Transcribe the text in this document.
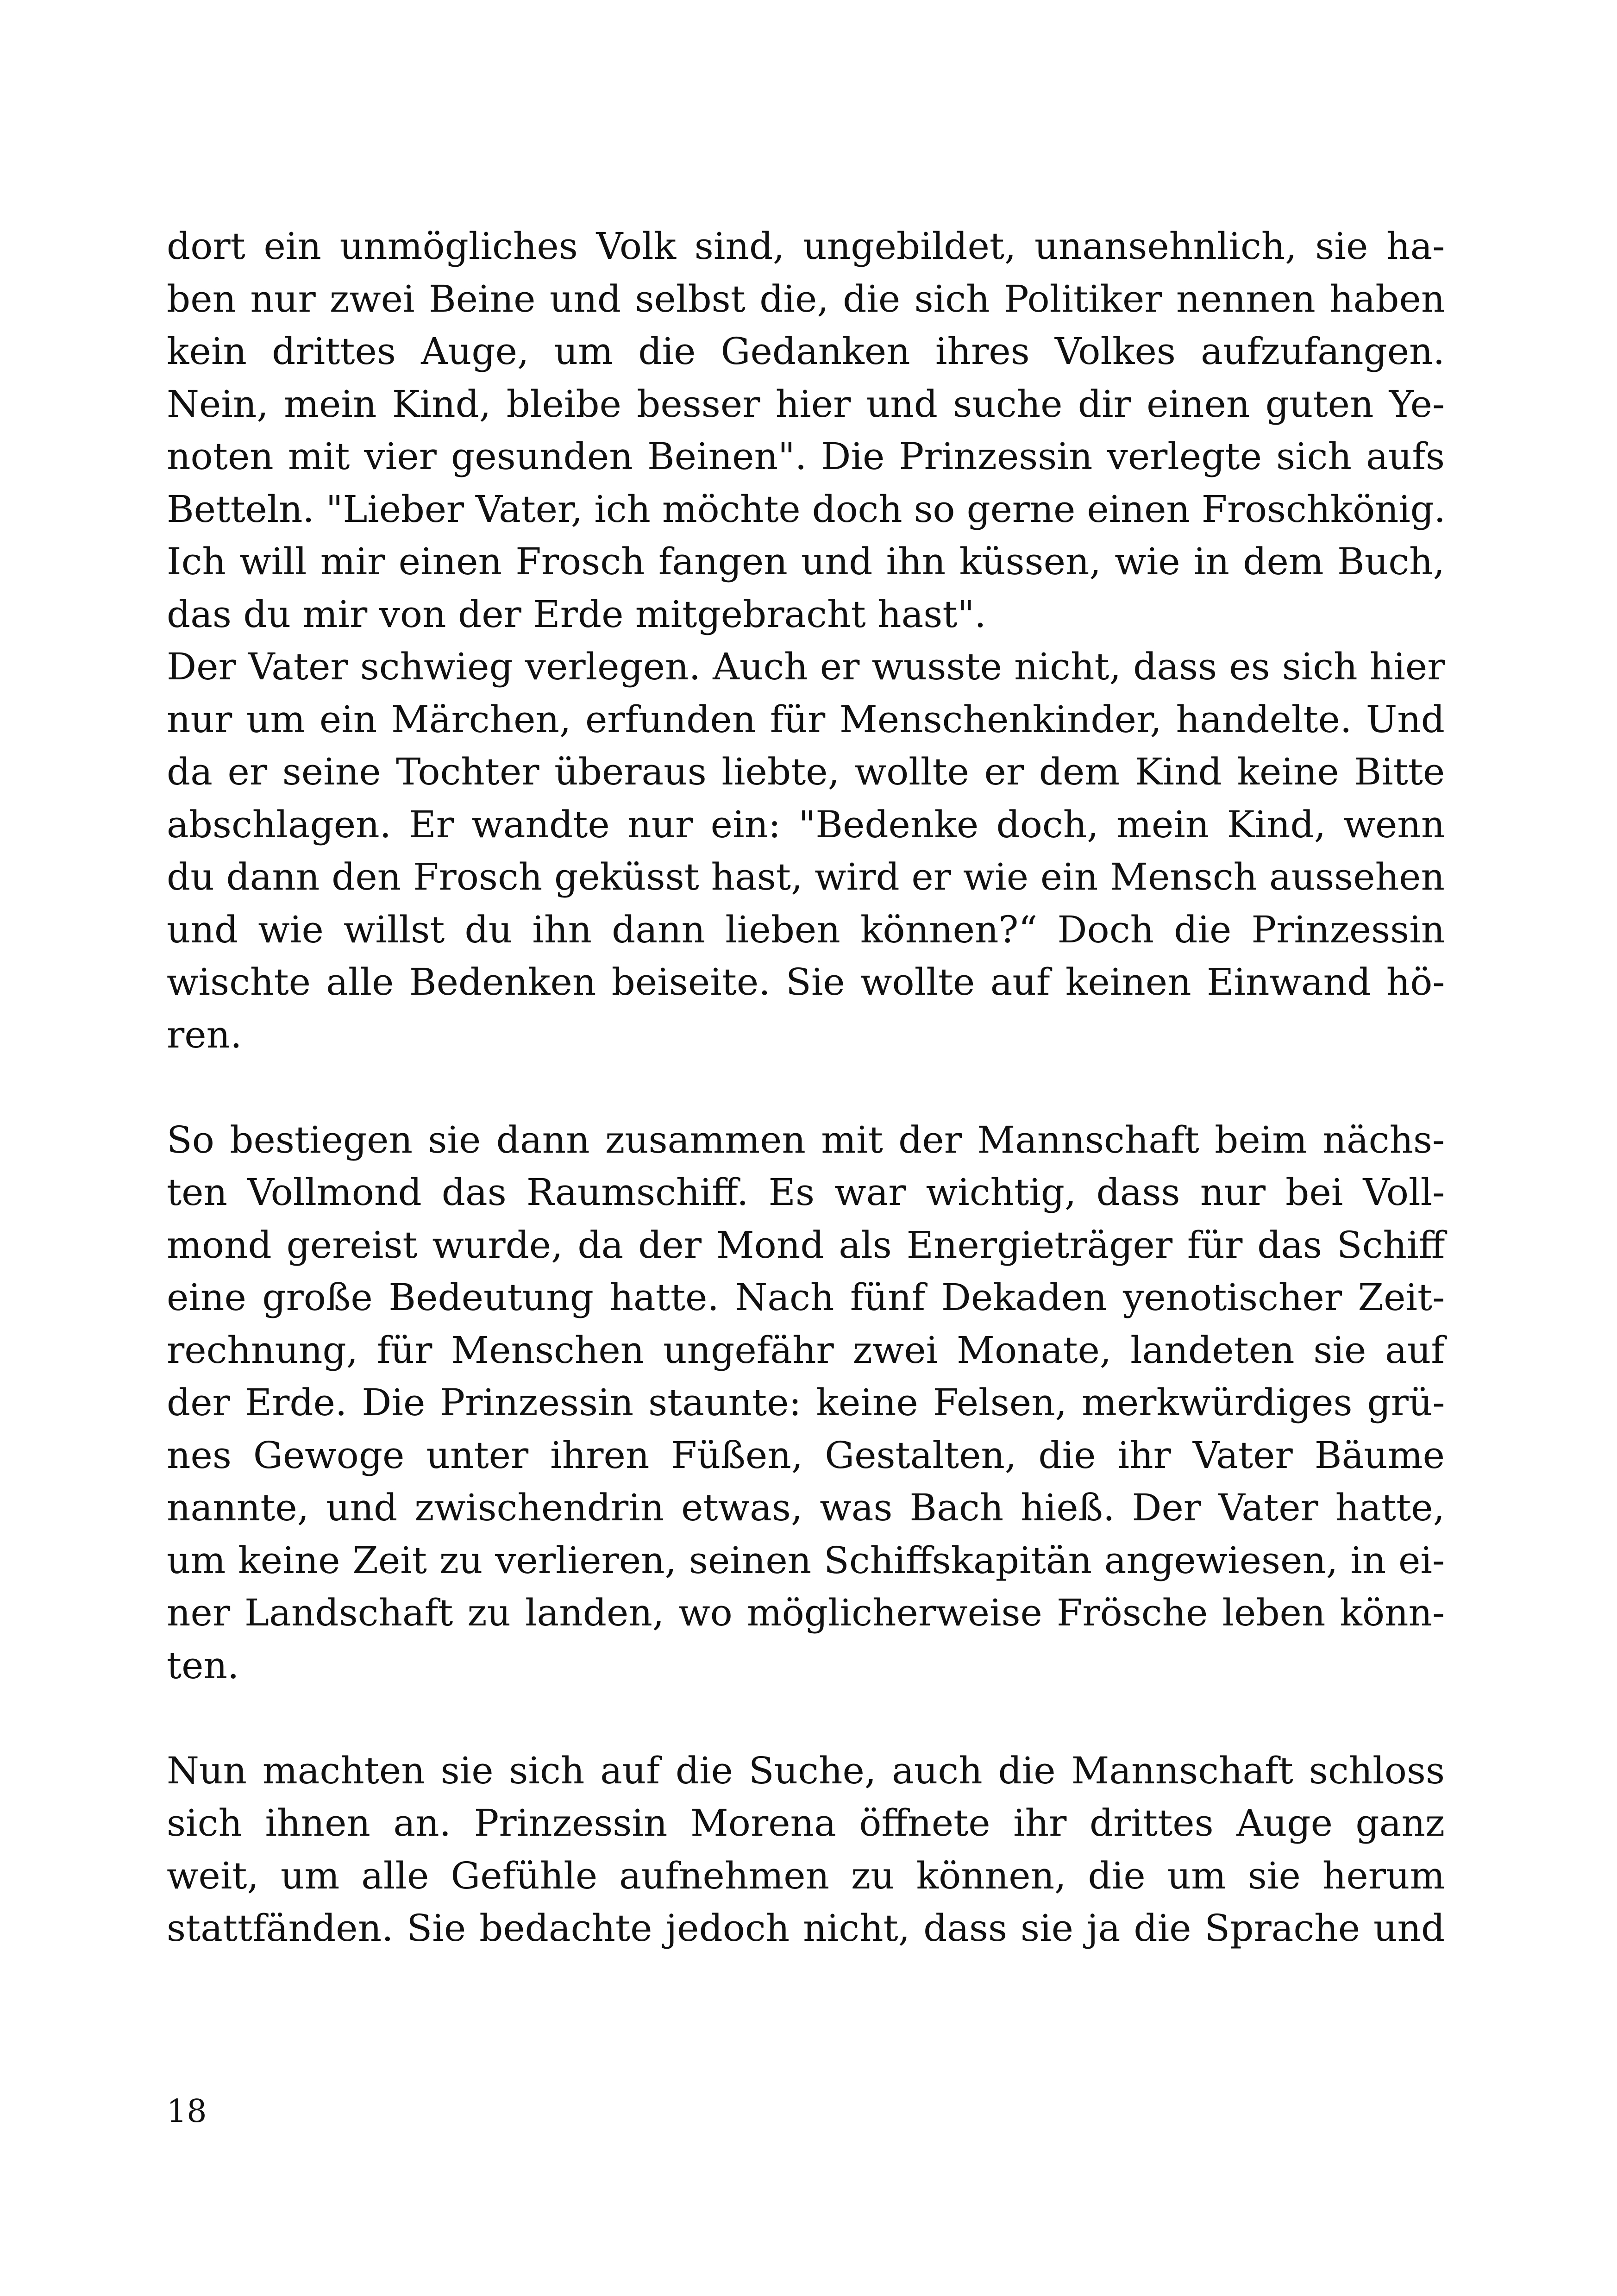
dort ein unmögliches Volk sind, ungebildet, unansehnlich, sie ha-
ben nur zwei Beine und selbst die, die sich Politiker nennen haben
kein drittes Auge, um die Gedanken ihres Volkes aufzufangen.
Nein, mein Kind, bleibe besser hier und suche dir einen guten Ye-
noten mit vier gesunden Beinen". Die Prinzessin verlegte sich aufs
Betteln. "Lieber Vater, ich möchte doch so gerne einen Froschkönig.
Ich will mir einen Frosch fangen und ihn küssen, wie in dem Buch,
das du mir von der Erde mitgebracht hast".
Der Vater schwieg verlegen. Auch er wusste nicht, dass es sich hier
nur um ein Märchen, erfunden für Menschenkinder, handelte. Und
da er seine Tochter überaus liebte, wollte er dem Kind keine Bitte
abschlagen. Er wandte nur ein: "Bedenke doch, mein Kind, wenn
du dann den Frosch geküsst hast, wird er wie ein Mensch aussehen
und wie willst du ihn dann lieben können?“ Doch die Prinzessin
wischte alle Bedenken beiseite. Sie wollte auf keinen Einwand hö-
ren.
So bestiegen sie dann zusammen mit der Mannschaft beim nächs-
ten Vollmond das Raumschiff. Es war wichtig, dass nur bei Voll-
mond gereist wurde, da der Mond als Energieträger für das Schiff
eine große Bedeutung hatte. Nach fünf Dekaden yenotischer Zeit-
rechnung, für Menschen ungefähr zwei Monate, landeten sie auf
der Erde. Die Prinzessin staunte: keine Felsen, merkwürdiges grü-
nes Gewoge unter ihren Füßen, Gestalten, die ihr Vater Bäume
nannte, und zwischendrin etwas, was Bach hieß. Der Vater hatte,
um keine Zeit zu verlieren, seinen Schiffskapitän angewiesen, in ei-
ner Landschaft zu landen, wo möglicherweise Frösche leben könn-
ten.
Nun machten sie sich auf die Suche, auch die Mannschaft schloss
sich ihnen an. Prinzessin Morena öffnete ihr drittes Auge ganz
weit, um alle Gefühle aufnehmen zu können, die um sie herum
stattfänden. Sie bedachte jedoch nicht, dass sie ja die Sprache und
18
